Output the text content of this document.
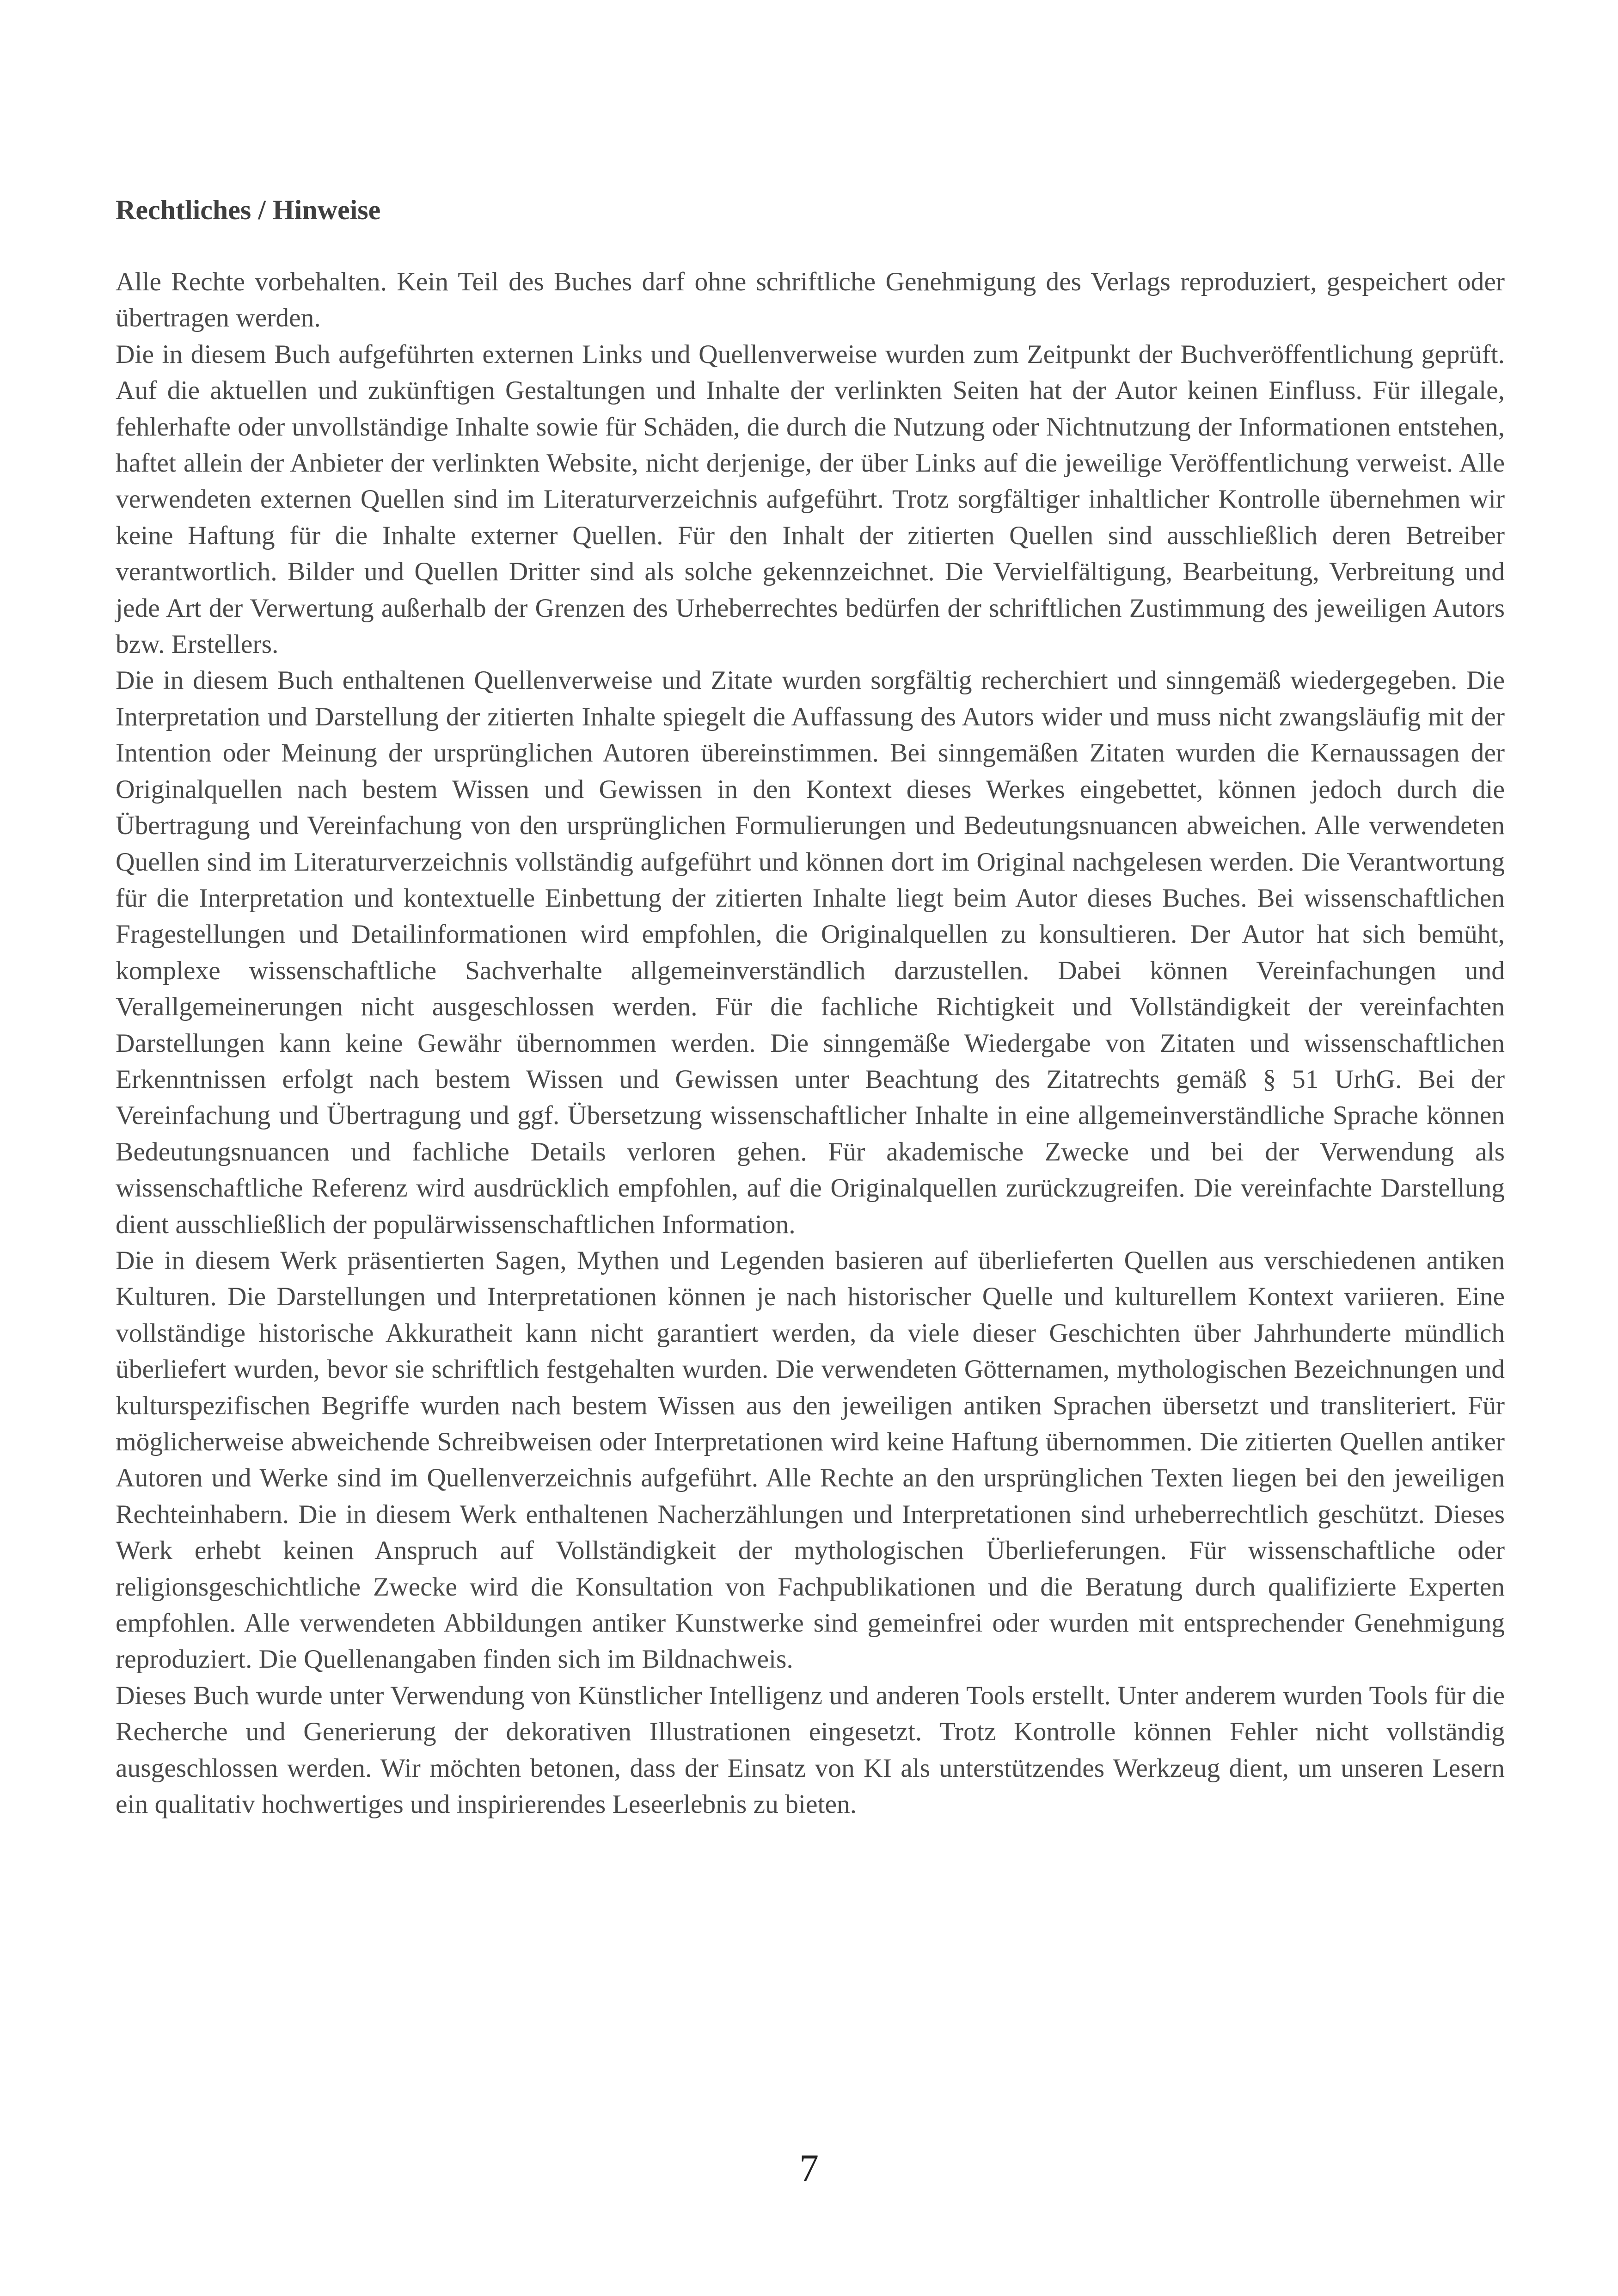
Rechtliches / Hinweise

Alle Rechte vorbehalten. Kein Teil des Buches darf ohne schriftliche Genehmigung des Verlags reproduziert, gespeichert oder übertragen werden.

Die in diesem Buch aufgeführten externen Links und Quellenverweise wurden zum Zeitpunkt der Buchveröffentlichung geprüft. Auf die aktuellen und zukünftigen Gestaltungen und Inhalte der verlinkten Seiten hat der Autor keinen Einfluss. Für illegale, fehlerhafte oder unvollständige Inhalte sowie für Schäden, die durch die Nutzung oder Nichtnutzung der Informationen entstehen, haftet allein der Anbieter der verlinkten Website, nicht derjenige, der über Links auf die jeweilige Veröffentlichung verweist. Alle verwendeten externen Quellen sind im Literaturverzeichnis aufgeführt. Trotz sorgfältiger inhaltlicher Kontrolle übernehmen wir keine Haftung für die Inhalte externer Quellen. Für den Inhalt der zitierten Quellen sind ausschließlich deren Betreiber verantwortlich. Bilder und Quellen Dritter sind als solche gekennzeichnet. Die Vervielfältigung, Bearbeitung, Verbreitung und jede Art der Verwertung außerhalb der Grenzen des Urheberrechtes bedürfen der schriftlichen Zustimmung des jeweiligen Autors bzw. Erstellers.

Die in diesem Buch enthaltenen Quellenverweise und Zitate wurden sorgfältig recherchiert und sinngemäß wiedergegeben. Die Interpretation und Darstellung der zitierten Inhalte spiegelt die Auffassung des Autors wider und muss nicht zwangsläufig mit der Intention oder Meinung der ursprünglichen Autoren übereinstimmen. Bei sinngemäßen Zitaten wurden die Kernaussagen der Originalquellen nach bestem Wissen und Gewissen in den Kontext dieses Werkes eingebettet, können jedoch durch die Übertragung und Vereinfachung von den ursprünglichen Formulierungen und Bedeutungsnuancen abweichen. Alle verwendeten Quellen sind im Literaturverzeichnis vollständig aufgeführt und können dort im Original nachgelesen werden. Die Verantwortung für die Interpretation und kontextuelle Einbettung der zitierten Inhalte liegt beim Autor dieses Buches. Bei wissenschaftlichen Fragestellungen und Detailinformationen wird empfohlen, die Originalquellen zu konsultieren. Der Autor hat sich bemüht, komplexe wissenschaftliche Sachverhalte allgemeinverständlich darzustellen. Dabei können Vereinfachungen und Verallgemeinerungen nicht ausgeschlossen werden. Für die fachliche Richtigkeit und Vollständigkeit der vereinfachten Darstellungen kann keine Gewähr übernommen werden. Die sinngemäße Wiedergabe von Zitaten und wissenschaftlichen Erkenntnissen erfolgt nach bestem Wissen und Gewissen unter Beachtung des Zitatrechts gemäß § 51 UrhG. Bei der Vereinfachung und Übertragung und ggf. Übersetzung wissenschaftlicher Inhalte in eine allgemeinverständliche Sprache können Bedeutungsnuancen und fachliche Details verloren gehen. Für akademische Zwecke und bei der Verwendung als wissenschaftliche Referenz wird ausdrücklich empfohlen, auf die Originalquellen zurückzugreifen. Die vereinfachte Darstellung dient ausschließlich der populärwissenschaftlichen Information.

Die in diesem Werk präsentierten Sagen, Mythen und Legenden basieren auf überlieferten Quellen aus verschiedenen antiken Kulturen. Die Darstellungen und Interpretationen können je nach historischer Quelle und kulturellem Kontext variieren. Eine vollständige historische Akkuratheit kann nicht garantiert werden, da viele dieser Geschichten über Jahrhunderte mündlich überliefert wurden, bevor sie schriftlich festgehalten wurden. Die verwendeten Götternamen, mythologischen Bezeichnungen und kulturspezifischen Begriffe wurden nach bestem Wissen aus den jeweiligen antiken Sprachen übersetzt und transliteriert. Für möglicherweise abweichende Schreibweisen oder Interpretationen wird keine Haftung übernommen. Die zitierten Quellen antiker Autoren und Werke sind im Quellenverzeichnis aufgeführt. Alle Rechte an den ursprünglichen Texten liegen bei den jeweiligen Rechteinhabern. Die in diesem Werk enthaltenen Nacherzählungen und Interpretationen sind urheberrechtlich geschützt. Dieses Werk erhebt keinen Anspruch auf Vollständigkeit der mythologischen Überlieferungen. Für wissenschaftliche oder religionsgeschichtliche Zwecke wird die Konsultation von Fachpublikationen und die Beratung durch qualifizierte Experten empfohlen. Alle verwendeten Abbildungen antiker Kunstwerke sind gemeinfrei oder wurden mit entsprechender Genehmigung reproduziert. Die Quellenangaben finden sich im Bildnachweis.

Dieses Buch wurde unter Verwendung von Künstlicher Intelligenz und anderen Tools erstellt. Unter anderem wurden Tools für die Recherche und Generierung der dekorativen Illustrationen eingesetzt. Trotz Kontrolle können Fehler nicht vollständig ausgeschlossen werden. Wir möchten betonen, dass der Einsatz von KI als unterstützendes Werkzeug dient, um unseren Lesern ein qualitativ hochwertiges und inspirierendes Leseerlebnis zu bieten.

7
